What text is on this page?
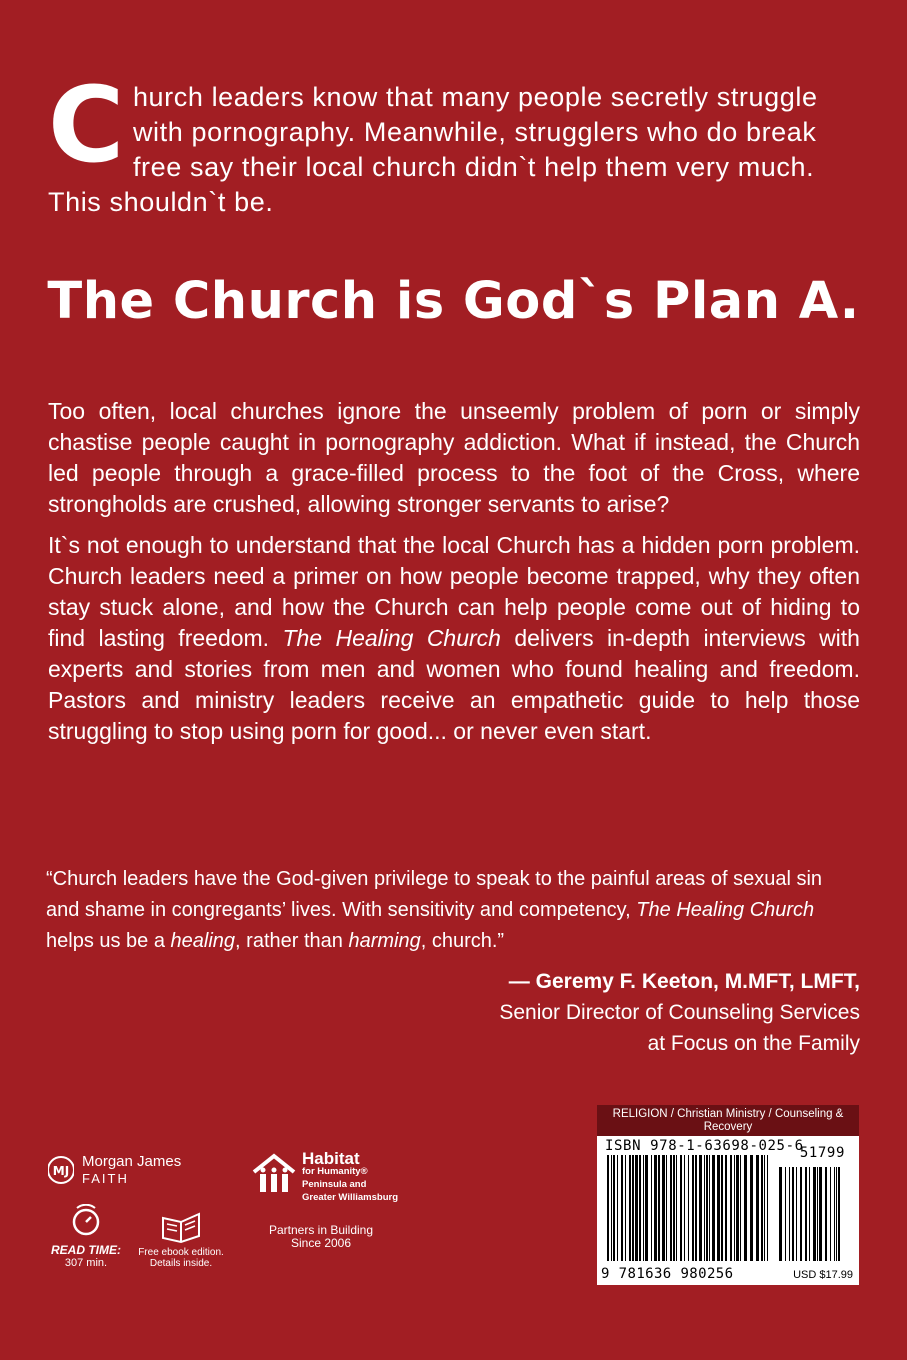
Church leaders know that many people secretly struggle with pornography. Meanwhile, strugglers who do break free say their local church didn`t help them very much. This shouldn`t be.
The Church is God`s Plan A.

Too often, local churches ignore the unseemly problem of porn or simply chastise people caught in pornography addiction. What if instead, the Church led people through a grace-filled process to the foot of the Cross, where strongholds are crushed, allowing stronger servants to arise?

It`s not enough to understand that the local Church has a hidden porn problem. Church leaders need a primer on how people become trapped, why they often stay stuck alone, and how the Church can help people come out of hiding to find lasting freedom. The Healing Church delivers in-depth interviews with experts and stories from men and women who found healing and freedom. Pastors and ministry leaders receive an empathetic guide to help those struggling to stop using porn for good... or never even start.

“Church leaders have the God-given privilege to speak to the painful areas of sexual sin and shame in congregants’ lives. With sensitivity and competency, The Healing Church helps us be a healing, rather than harming, church.”

— Geremy F. Keeton, M.MFT, LMFT,
Senior Director of Counseling Services
at Focus on the Family
MJ
Morgan James
FAITH
Habitat
for Humanity®
Peninsula and
Greater Williamsburg
Partners in Building
Since 2006
READ TIME:
307 min.
Free ebook edition.
Details inside.
RELIGION / Christian Ministry / Counseling & Recovery
ISBN 978-1-63698-025-6
51799
9 781636 980256	USD $17.99
